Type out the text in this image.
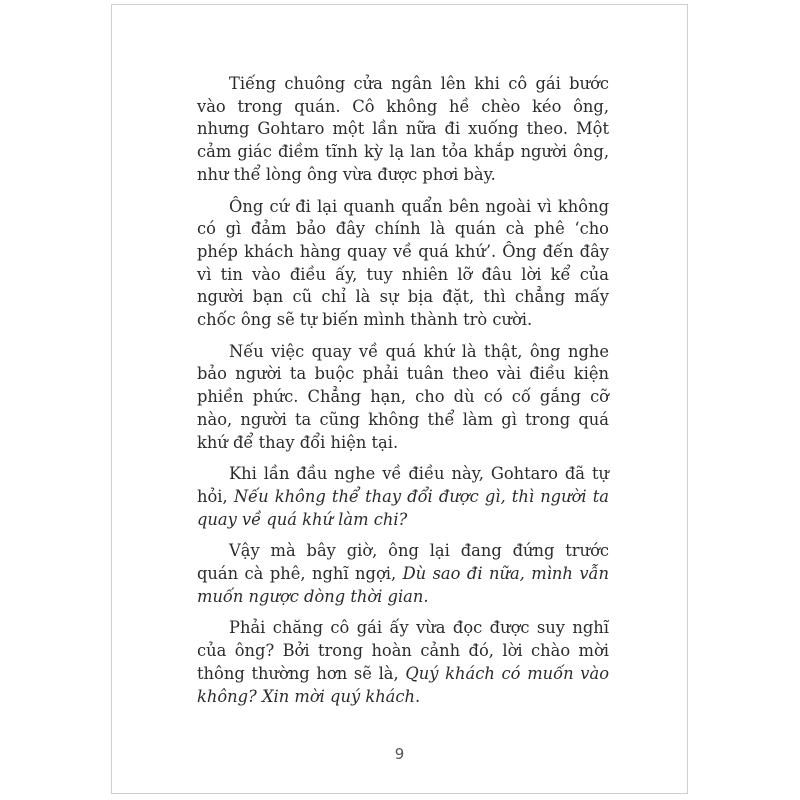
Tiếng chuông cửa ngân lên khi cô gái bước vào trong quán. Cô không hề chèo kéo ông, nhưng Gohtaro một lần nữa đi xuống theo. Một cảm giác điềm tĩnh kỳ lạ lan tỏa khắp người ông, như thể lòng ông vừa được phơi bày.

Ông cứ đi lại quanh quẩn bên ngoài vì không có gì đảm bảo đây chính là quán cà phê ‘cho phép khách hàng quay về quá khứ’. Ông đến đây vì tin vào điều ấy, tuy nhiên lỡ đâu lời kể của người bạn cũ chỉ là sự bịa đặt, thì chẳng mấy chốc ông sẽ tự biến mình thành trò cười.

Nếu việc quay về quá khứ là thật, ông nghe bảo người ta buộc phải tuân theo vài điều kiện phiền phức. Chẳng hạn, cho dù có cố gắng cỡ nào, người ta cũng không thể làm gì trong quá khứ để thay đổi hiện tại.

Khi lần đầu nghe về điều này, Gohtaro đã tự hỏi, Nếu không thể thay đổi được gì, thì người ta quay về quá khứ làm chi?

Vậy mà bây giờ, ông lại đang đứng trước quán cà phê, nghĩ ngợi, Dù sao đi nữa, mình vẫn muốn ngược dòng thời gian.

Phải chăng cô gái ấy vừa đọc được suy nghĩ của ông? Bởi trong hoàn cảnh đó, lời chào mời thông thường hơn sẽ là, Quý khách có muốn vào không? Xin mời quý khách.

9
